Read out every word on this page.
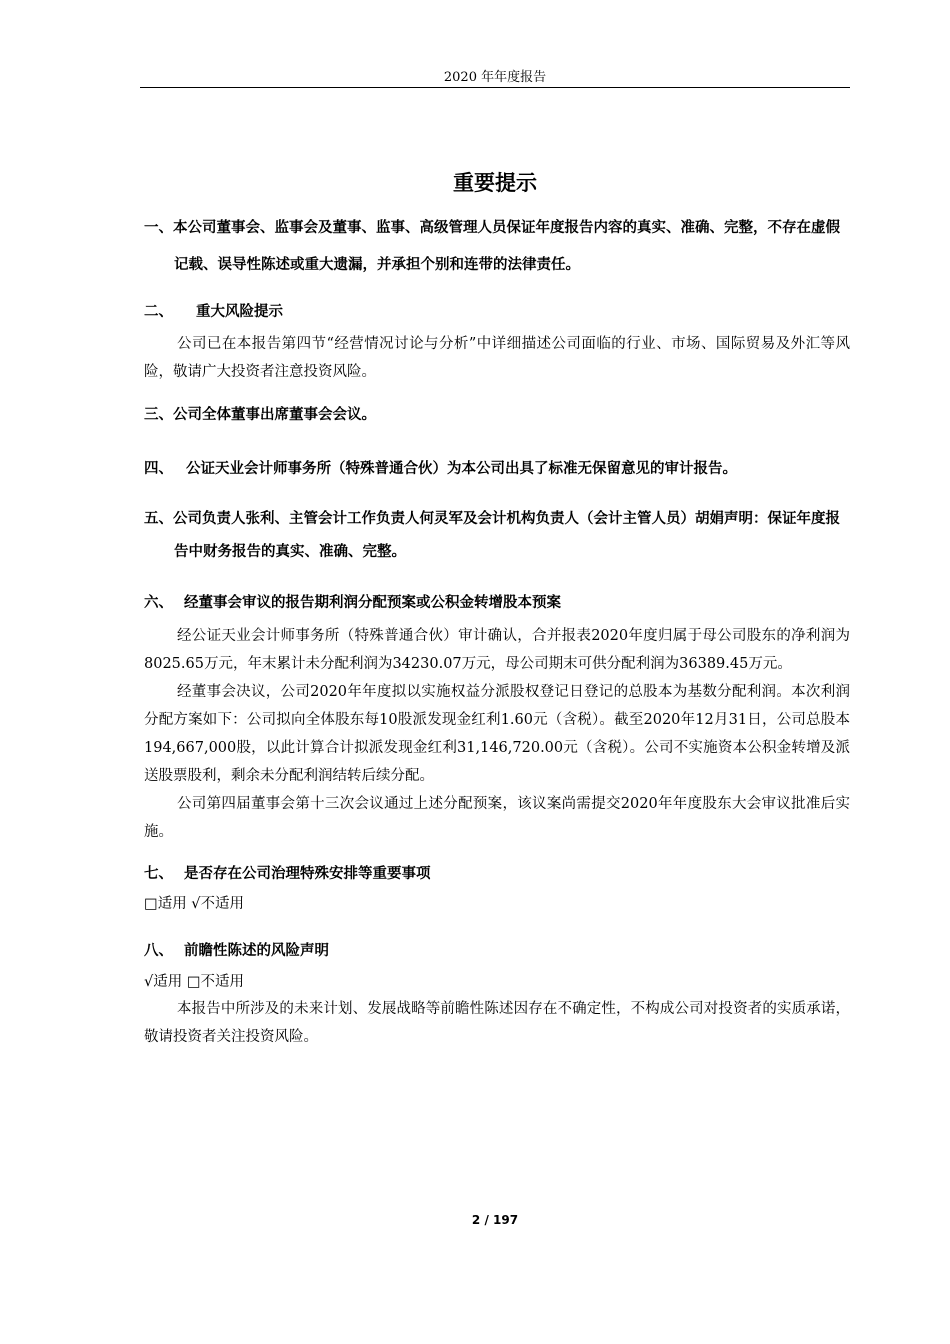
2020 年年度报告
重要提示

一、本公司董事会、监事会及董事、监事、高级管理人员保证年度报告内容的真实、准确、完整，不存在虚假记载、误导性陈述或重大遗漏，并承担个别和连带的法律责任。

二、 重大风险提示

公司已在本报告第四节“经营情况讨论与分析”中详细描述公司面临的行业、市场、国际贸易及外汇等风险，敬请广大投资者注意投资风险。

三、公司全体董事出席董事会会议。

四、 公证天业会计师事务所（特殊普通合伙）为本公司出具了标准无保留意见的审计报告。

五、公司负责人张利、主管会计工作负责人何灵军及会计机构负责人（会计主管人员）胡娟声明：保证年度报告中财务报告的真实、准确、完整。

六、 经董事会审议的报告期利润分配预案或公积金转增股本预案

经公证天业会计师事务所（特殊普通合伙）审计确认，合并报表2020年度归属于母公司股东的净利润为8025.65万元，年末累计未分配利润为34230.07万元，母公司期末可供分配利润为36389.45万元。

经董事会决议，公司2020年年度拟以实施权益分派股权登记日登记的总股本为基数分配利润。本次利润分配方案如下：公司拟向全体股东每10股派发现金红利1.60元（含税）。截至2020年12月31日，公司总股本194,667,000股，以此计算合计拟派发现金红利31,146,720.00元（含税）。公司不实施资本公积金转增及派送股票股利，剩余未分配利润结转后续分配。

公司第四届董事会第十三次会议通过上述分配预案，该议案尚需提交2020年年度股东大会审议批准后实施。

七、 是否存在公司治理特殊安排等重要事项

□适用 √不适用

八、 前瞻性陈述的风险声明

√适用 □不适用

本报告中所涉及的未来计划、发展战略等前瞻性陈述因存在不确定性，不构成公司对投资者的实质承诺，敬请投资者关注投资风险。

2 / 197
